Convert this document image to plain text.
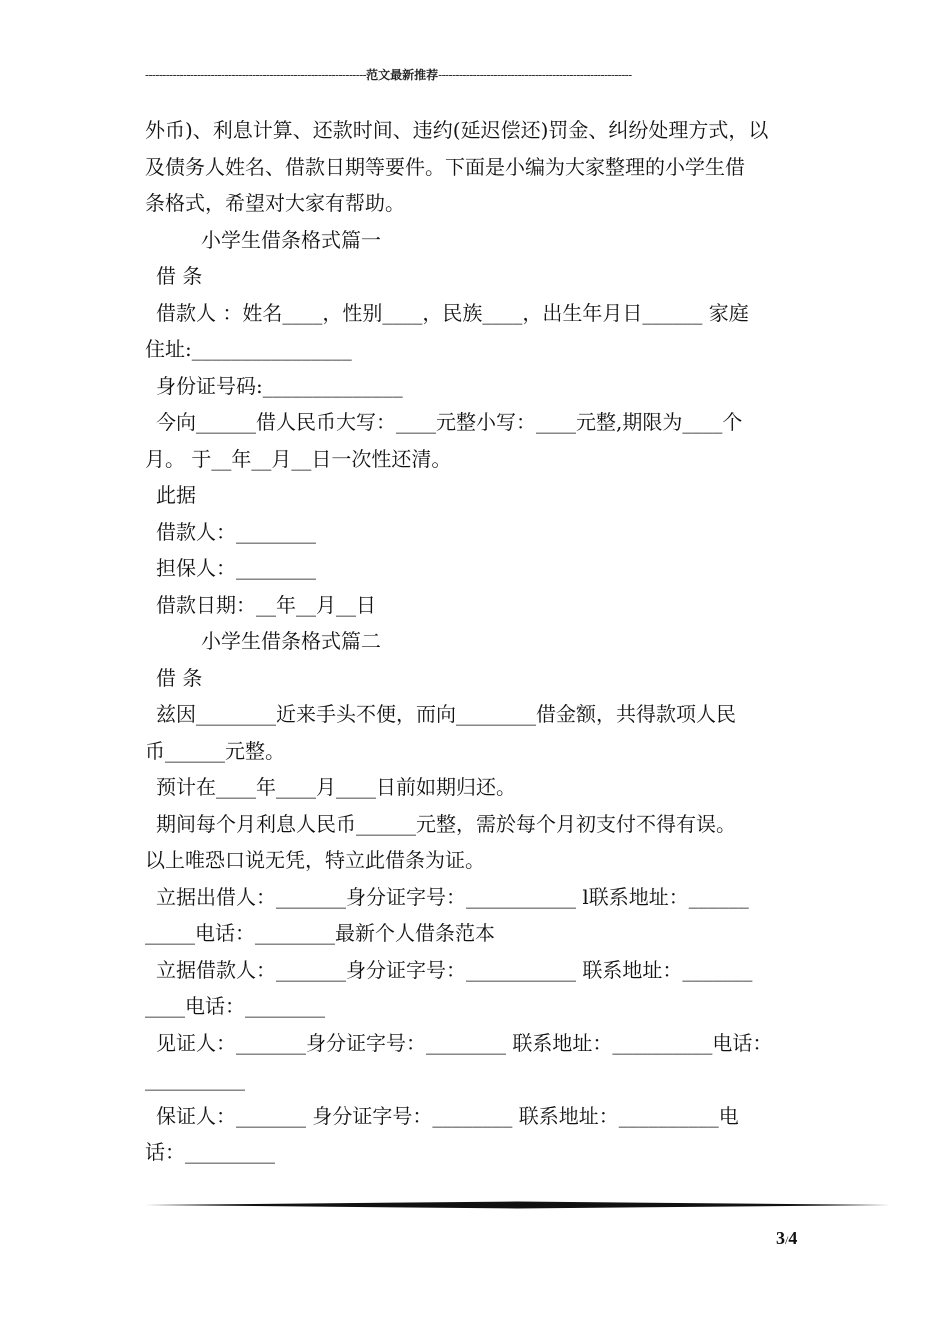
----------------------------------------------------------------范文最新推荐--------------------------------------------------------
外币)、利息计算、还款时间、违约(延迟偿还)罚金、纠纷处理方式，以
及债务人姓名、借款日期等要件。下面是小编为大家整理的小学生借
条格式，希望对大家有帮助。
小学生借条格式篇一
借 条
借款人 ：姓名____，性别____，民族____，出生年月日______ 家庭
住址:________________
身份证号码:______________
今向______借人民币大写：____元整小写：____元整,期限为____个
月。 于__年__月__日一次性还清。
此据
借款人：________
担保人：________
借款日期：__年__月__日
小学生借条格式篇二
借 条
兹因________近来手头不便，而向________借金额，共得款项人民
币______元整。
预计在____年____月____日前如期归还。
期间每个月利息人民币______元整，需於每个月初支付不得有误。
以上唯恐口说无凭，特立此借条为证。
立据出借人：_______身分证字号：___________ l联系地址：______
_____电话：________最新个人借条范本
立据借款人：_______身分证字号：___________ 联系地址：_______
____电话：________
见证人：_______身分证字号：________ 联系地址：__________电话：
__________
保证人：_______ 身分证字号：________ 联系地址：__________电
话：_________
3/4
